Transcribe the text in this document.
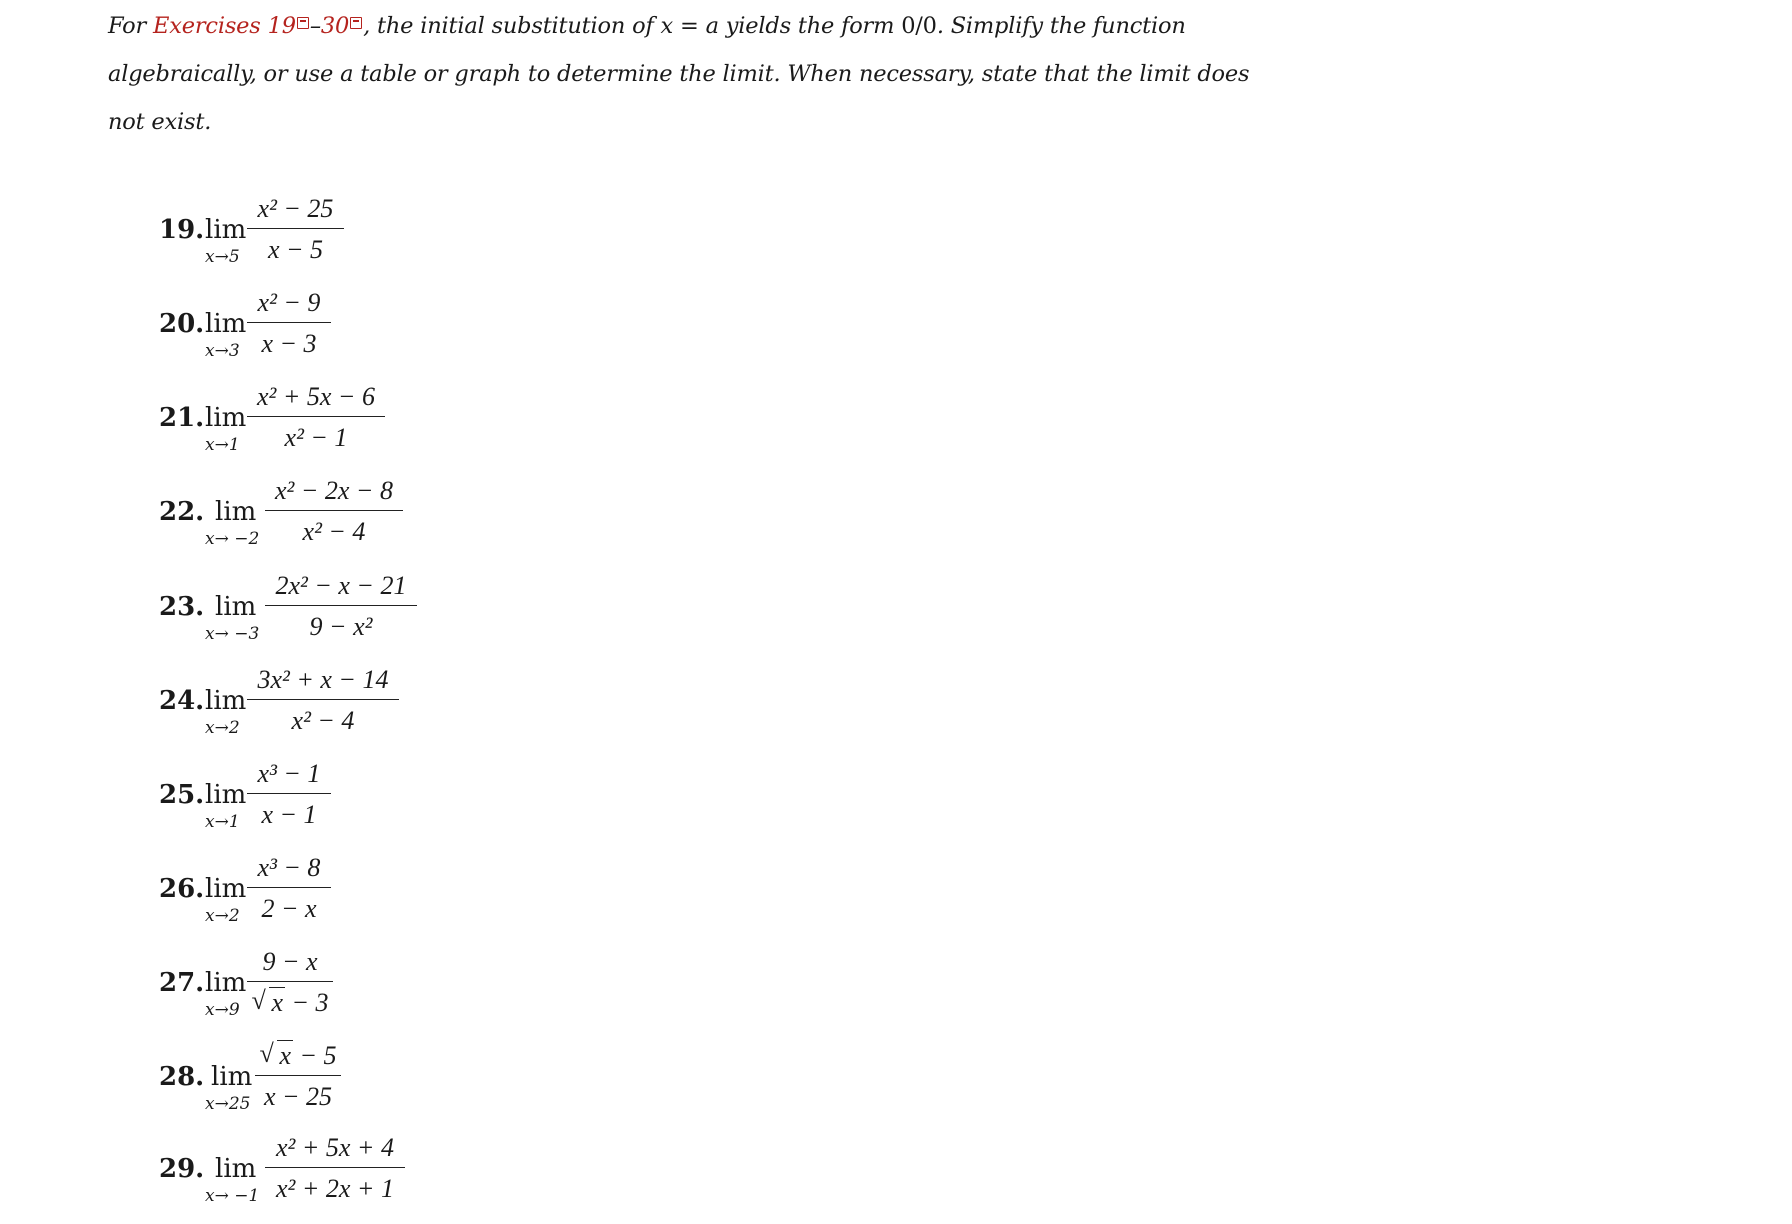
For Exercises 19 –30 , the initial substitution of x = a yields the form 0/0. Simplify the function algebraically, or use a table or graph to determine the limit. When necessary, state that the limit does not exist.
19. lim
$x\to 5 \frac{\text{x² − 25}}{x - 5}$
20. lim
$x\to 3 \frac{\text{x² − 9}}{x - 3}$
21. lim
$x\to 1 \frac{\text{x² + 5x − 6}}{\text{x² − 1}}$
22. lim
$x\to -2 \frac{\text{x² − 2x − 8}}{\text{x² − 4}}$
23. lim
$x\to -3 \frac{\text{2x² − x − 21}}{\text{9 − x²}}$
24. lim
$x\to 2 \frac{\text{3x² + x − 14}}{\text{x² − 4}}$
25. lim
$x\to 1 \frac{\text{x³ − 1}}{x - 1}$
26. lim
$x\to 2 \frac{\text{x³ − 8}}{2 - x}$
27. lim
x→9 9 − x
√ x − 3
28. lim
x→25
√ $\frac{x - 5}{x - 25}$
29. lim
$x\to -1 \frac{\text{x² + 5x + 4}}{\text{x² + 2x + 1}}$
